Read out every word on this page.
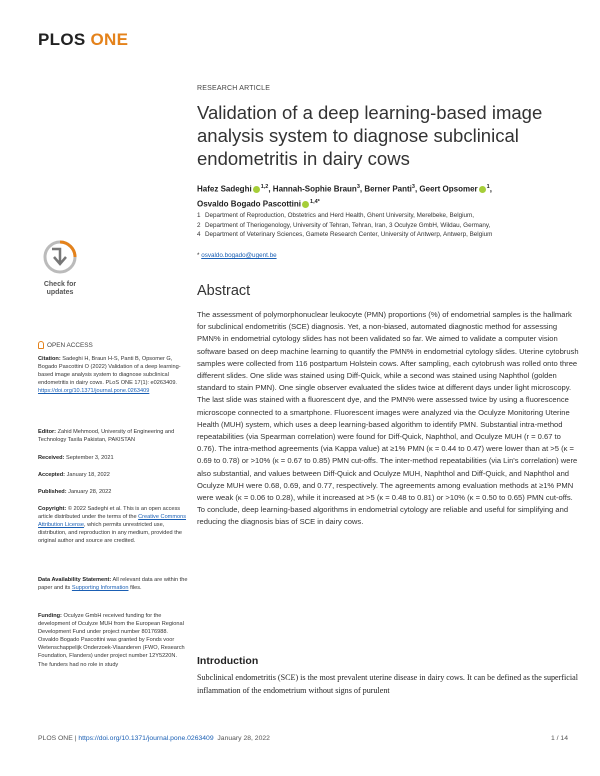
PLOS ONE
RESEARCH ARTICLE
Validation of a deep learning-based image analysis system to diagnose subclinical endometritis in dairy cows
Hafez Sadeghi $^{1,2}$, Hannah-Sophie Braun$^3$, Berner Panti$^3$, Geert Opsomer $^1$,
Osvaldo Bogado Pascottini $^{1,4*}$
1 Department of Reproduction, Obstetrics and Herd Health, Ghent University, Merelbeke, Belgium,
2 Department of Theriogenology, University of Tehran, Tehran, Iran, 3 Oculyze GmbH, Wildau, Germany,
4 Department of Veterinary Sciences, Gamete Research Center, University of Antwerp, Antwerp, Belgium
* osvaldo.bogado@ugent.be
Check for updates
OPEN ACCESS
Citation: Sadeghi H, Braun H-S, Panti B, Opsomer G, Bogado Pascottini O (2022) Validation of a deep learning-based image analysis system to diagnose subclinical endometritis in dairy cows. PLoS ONE 17(1): e0263409. https://doi.org/10.1371/journal.pone.0263409
Editor: Zahid Mehmood, University of Engineering and Technology Taxila Pakistan, PAKISTAN
Received: September 3, 2021
Accepted: January 18, 2022
Published: January 28, 2022
Copyright: © 2022 Sadeghi et al. This is an open access article distributed under the terms of the Creative Commons Attribution License, which permits unrestricted use, distribution, and reproduction in any medium, provided the original author and source are credited.
Data Availability Statement: All relevant data are within the paper and its Supporting Information files.
Funding: Oculyze GmbH received funding for the development of Oculyze MUH from the European Regional Development Fund under project number 80176988. Osvaldo Bogado Pascottini was granted by Fonds voor Wetenschappelijk Onderzoek-Vlaanderen (FWO, Research Foundation, Flanders) under project number 12Y5220N. The funders had no role in study
Abstract
The assessment of polymorphonuclear leukocyte (PMN) proportions (%) of endometrial samples is the hallmark for subclinical endometritis (SCE) diagnosis. Yet, a non-biased, automated diagnostic method for assessing PMN% in endometrial cytology slides has not been validated so far. We aimed to validate a computer vision software based on deep machine learning to quantify the PMN% in endometrial cytology slides. Uterine cytobrush samples were collected from 116 postpartum Holstein cows. After sampling, each cytobrush was rolled onto three different slides. One slide was stained using Diff-Quick, while a second was stained using Naphthol (golden standard to stain PMN). One single observer evaluated the slides twice at different days under light microscopy. The last slide was stained with a fluorescent dye, and the PMN% were assessed twice by using a fluorescence microscope connected to a smartphone. Fluorescent images were analyzed via the Oculyze Monitoring Uterine Health (MUH) system, which uses a deep learning-based algorithm to identify PMN. Substantial intra-method repeatabilities (via Spearman correlation) were found for Diff-Quick, Naphthol, and Oculyze MUH (r = 0.67 to 0.76). The intra-method agreements (via Kappa value) at ≥1% PMN (κ = 0.44 to 0.47) were lower than at >5 (κ = 0.69 to 0.78) or >10% (κ = 0.67 to 0.85) PMN cut-offs. The inter-method repeatabilities (via Lin's correlation) were also substantial, and values between Diff-Quick and Oculyze MUH, Naphthol and Diff-Quick, and Naphthol and Oculyze MUH were 0.68, 0.69, and 0.77, respectively. The agreements among evaluation methods at ≥1% PMN were weak (κ = 0.06 to 0.28), while it increased at >5 (κ = 0.48 to 0.81) or >10% (κ = 0.50 to 0.65) PMN cut-offs. To conclude, deep learning-based algorithms in endometrial cytology are reliable and useful for simplifying and reducing the diagnosis bias of SCE in dairy cows.
Introduction
Subclinical endometritis (SCE) is the most prevalent uterine disease in dairy cows. It can be defined as the superficial inflammation of the endometrium without signs of purulent
PLOS ONE | https://doi.org/10.1371/journal.pone.0263409 January 28, 2022	1 / 14
